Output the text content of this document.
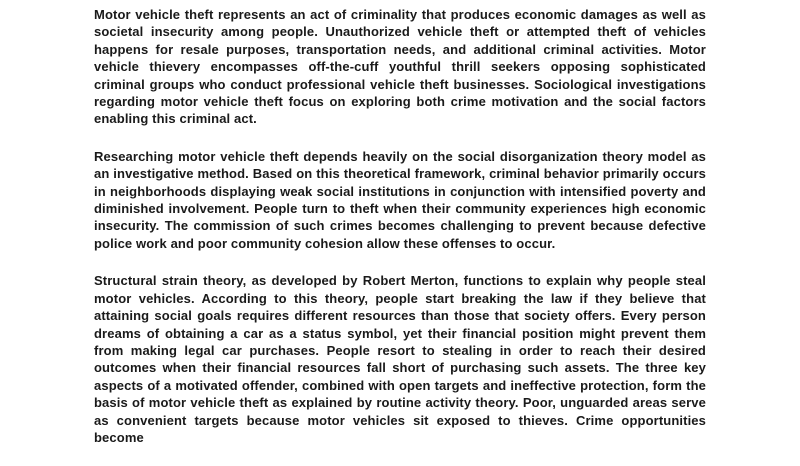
Motor vehicle theft represents an act of criminality that produces economic damages as well as societal insecurity among people. Unauthorized vehicle theft or attempted theft of vehicles happens for resale purposes, transportation needs, and additional criminal activities. Motor vehicle thievery encompasses off-the-cuff youthful thrill seekers opposing sophisticated criminal groups who conduct professional vehicle theft businesses. Sociological investigations regarding motor vehicle theft focus on exploring both crime motivation and the social factors enabling this criminal act.

Researching motor vehicle theft depends heavily on the social disorganization theory model as an investigative method. Based on this theoretical framework, criminal behavior primarily occurs in neighborhoods displaying weak social institutions in conjunction with intensified poverty and diminished involvement. People turn to theft when their community experiences high economic insecurity. The commission of such crimes becomes challenging to prevent because defective police work and poor community cohesion allow these offenses to occur.

Structural strain theory, as developed by Robert Merton, functions to explain why people steal motor vehicles. According to this theory, people start breaking the law if they believe that attaining social goals requires different resources than those that society offers. Every person dreams of obtaining a car as a status symbol, yet their financial position might prevent them from making legal car purchases. People resort to stealing in order to reach their desired outcomes when their financial resources fall short of purchasing such assets. The three key aspects of a motivated offender, combined with open targets and ineffective protection, form the basis of motor vehicle theft as explained by routine activity theory. Poor, unguarded areas serve as convenient targets because motor vehicles sit exposed to thieves. Crime opportunities become
